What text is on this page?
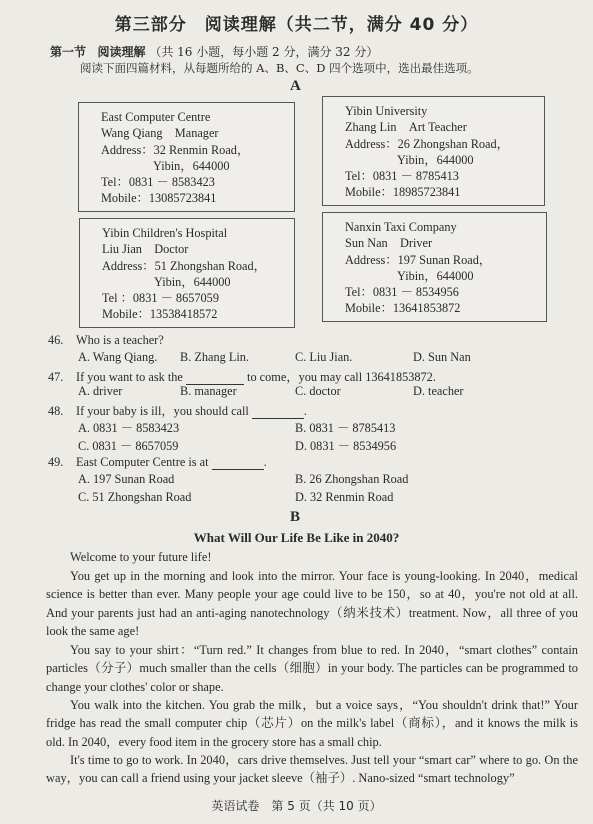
第三部分　阅读理解（共二节，满分 40 分）
第一节 阅读理解 （共 16 小题，每小题 2 分，满分 32 分）
阅读下面四篇材料，从每题所给的 A、B、C、D 四个选项中，选出最佳选项。
A
East Computer Centre
Wang Qiang　Manager
Address：32 Renmin Road，
Yibin，644000
Tel：0831 － 8583423
Mobile：13085723841
Yibin University
Zhang Lin　Art Teacher
Address：26 Zhongshan Road，
Yibin，644000
Tel：0831 － 8785413
Mobile：18985723841
Yibin Children's Hospital
Liu Jian　Doctor
Address：51 Zhongshan Road，
Yibin，644000
Tel ：0831 － 8657059
Mobile：13538418572
Nanxin Taxi Company
Sun Nan　Driver
Address：197 Sunan Road，
Yibin，644000
Tel：0831 － 8534956
Mobile：13641853872
46. Who is a teacher?
A. Wang Qiang. B. Zhang Lin.	C. Liu Jian.	D. Sun Nan
47. If you want to ask the	to come，you may call 13641853872.
A. driver	B. manager	C. doctor	D. teacher
48. If your baby is ill，you should call	.
A. 0831 － 8583423	B. 0831 － 8785413
C. 0831 － 8657059	D. 0831 － 8534956
49. East Computer Centre is at	.
A. 197 Sunan Road	B. 26 Zhongshan Road
C. 51 Zhongshan Road	D. 32 Renmin Road
B
What Will Our Life Be Like in 2040?
Welcome to your future life!
You get up in the morning and look into the mirror. Your face is young-looking. In 2040，medical science is better than ever. Many people your age could live to be 150，so at 40，you're not old at all. And your parents just had an anti-aging nanotechnology（纳米技术）treatment. Now，all three of you look the same age!
You say to your shirt：“Turn red.” It changes from blue to red. In 2040，“smart clothes” contain particles（分子）much smaller than the cells（细胞）in your body. The particles can be programmed to change your clothes' color or shape.
You walk into the kitchen. You grab the milk，but a voice says，“You shouldn't drink that!” Your fridge has read the small computer chip（芯片）on the milk's label（商标），and it knows the milk is old. In 2040，every food item in the grocery store has a small chip.
It's time to go to work. In 2040，cars drive themselves. Just tell your “smart car” where to go. On the way，you can call a friend using your jacket sleeve（袖子）. Nano-sized “smart technology”
英语试卷　第 5 页（共 10 页）
